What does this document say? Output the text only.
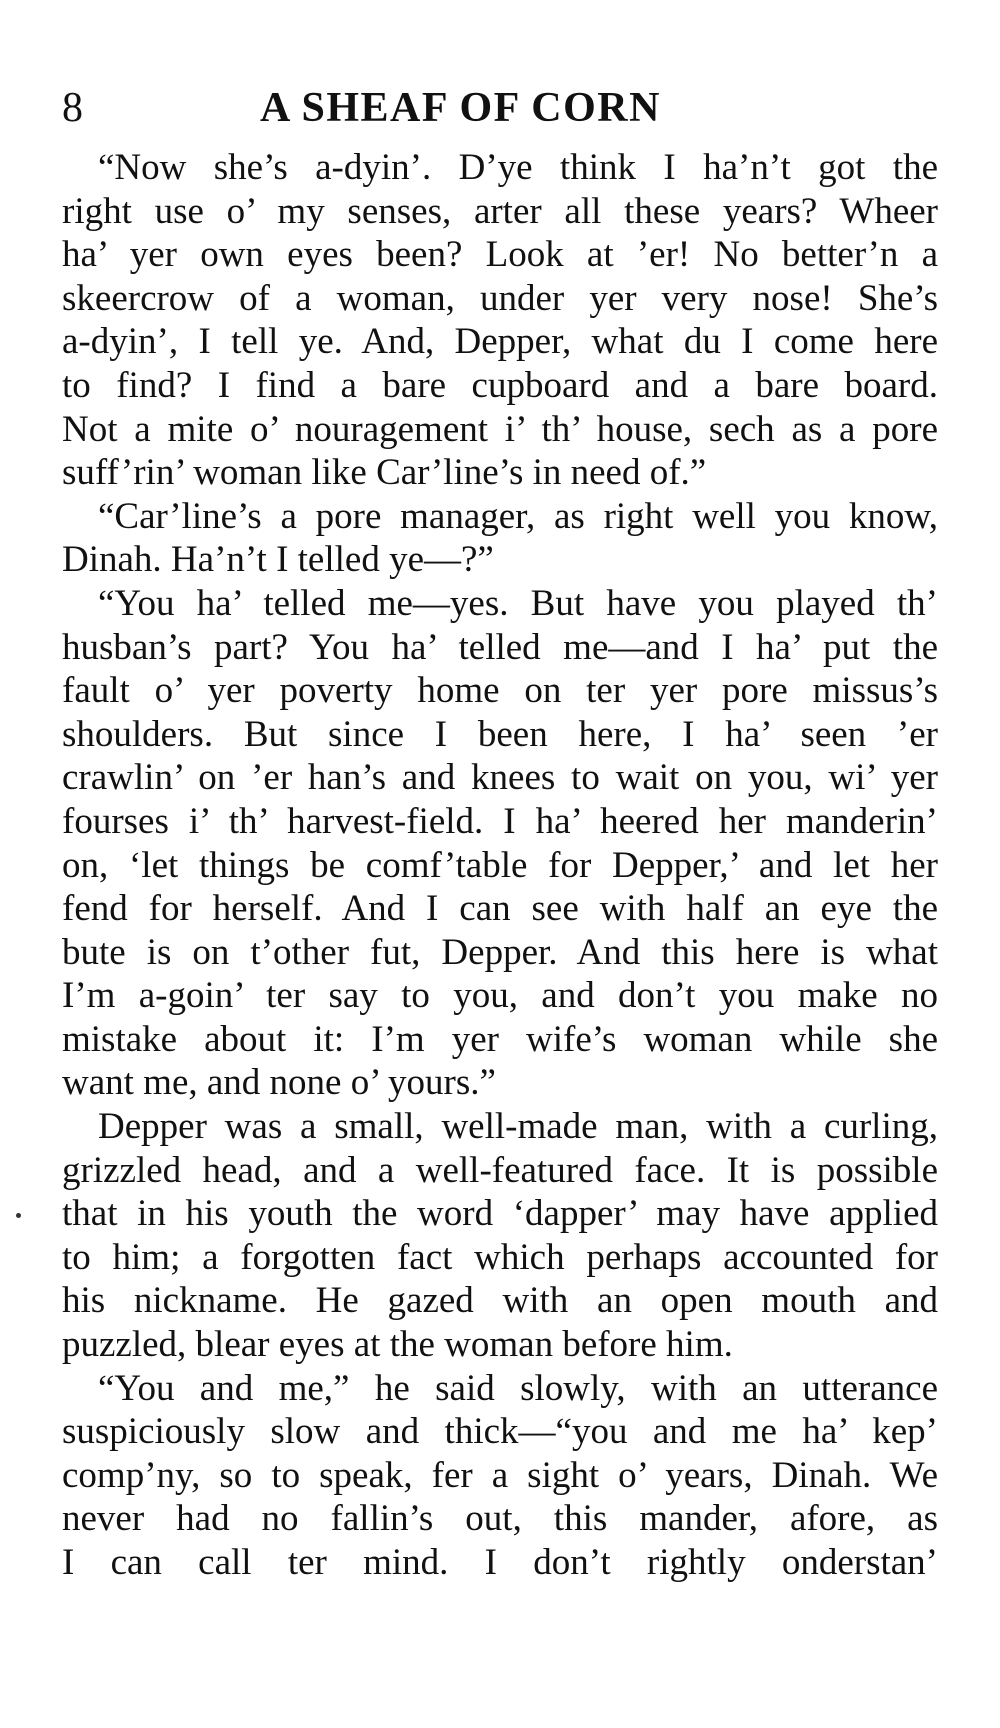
8	A SHEAF OF CORN

“Now she’s a-dyin’. D’ye think I ha’n’t got the
right use o’ my senses, arter all these years? Wheer
ha’ yer own eyes been? Look at ’er! No better’n a
skeercrow of a woman, under yer very nose! She’s
a-dyin’, I tell ye. And, Depper, what du I come here
to find? I find a bare cupboard and a bare board.
Not a mite o’ nouragement i’ th’ house, sech as a pore
suff’rin’ woman like Car’line’s in need of.”

“Car’line’s a pore manager, as right well you know,
Dinah. Ha’n’t I telled ye—?”

“You ha’ telled me—yes. But have you played th’
husban’s part? You ha’ telled me—and I ha’ put the
fault o’ yer poverty home on ter yer pore missus’s
shoulders. But since I been here, I ha’ seen ’er
crawlin’ on ’er han’s and knees to wait on you, wi’ yer
fourses i’ th’ harvest-field. I ha’ heered her manderin’
on, ‘let things be comf’table for Depper,’ and let her
fend for herself. And I can see with half an eye the
bute is on t’other fut, Depper. And this here is what
I’m a-goin’ ter say to you, and don’t you make no
mistake about it: I’m yer wife’s woman while she
want me, and none o’ yours.”

Depper was a small, well-made man, with a curling,
grizzled head, and a well-featured face. It is possible
that in his youth the word ‘dapper’ may have applied
to him; a forgotten fact which perhaps accounted for
his nickname. He gazed with an open mouth and
puzzled, blear eyes at the woman before him.

“You and me,” he said slowly, with an utterance
suspiciously slow and thick—“you and me ha’ kep’
comp’ny, so to speak, fer a sight o’ years, Dinah. We
never had no fallin’s out, this mander, afore, as
I can call ter mind. I don’t rightly onderstan’
